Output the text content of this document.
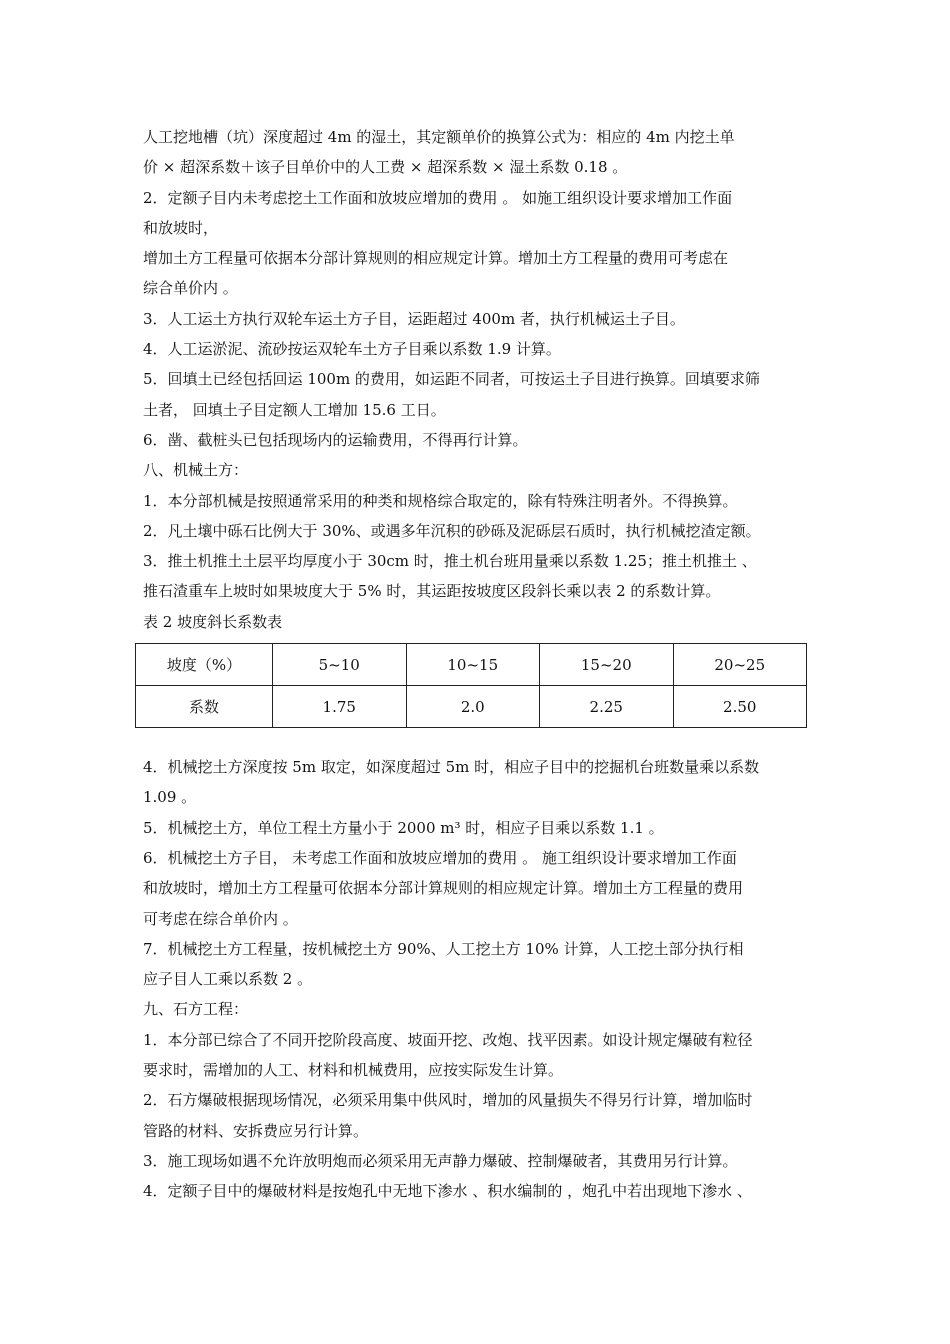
人工挖地槽（坑）深度超过 4m 的湿土，其定额单价的换算公式为：相应的 4m 内挖土单
价 × 超深系数＋该子目单价中的人工费 × 超深系数 × 湿土系数 0.18 。
2．定额子目内未考虑挖土工作面和放坡应增加的费用 。 如施工组织设计要求增加工作面
和放坡时，
增加土方工程量可依据本分部计算规则的相应规定计算。增加土方工程量的费用可考虑在
综合单价内 。
3．人工运土方执行双轮车运土方子目，运距超过 400m 者，执行机械运土子目。
4．人工运淤泥、流砂按运双轮车土方子目乘以系数 1.9 计算。
5．回填土已经包括回运 100m 的费用，如运距不同者，可按运土子目进行换算。回填要求筛
土者， 回填土子目定额人工增加 15.6 工日。
6．凿、截桩头已包括现场内的运输费用，不得再行计算。
八、机械土方：
1．本分部机械是按照通常采用的种类和规格综合取定的，除有特殊注明者外。不得换算。
2．凡土壤中砾石比例大于 30%、或遇多年沉积的砂砾及泥砾层石质时，执行机械挖渣定额。
3．推土机推土土层平均厚度小于 30cm 时，推土机台班用量乘以系数 1.25；推土机推土 、
推石渣重车上坡时如果坡度大于 5% 时，其运距按坡度区段斜长乘以表 2 的系数计算。
表 2 坡度斜长系数表
坡度（%）	5~10	10~15	15~20	20~25
系数	1.75	2.0	2.25	2.50
4．机械挖土方深度按 5m 取定，如深度超过 5m 时，相应子目中的挖掘机台班数量乘以系数
1.09 。
5．机械挖土方，单位工程土方量小于 2000 m³ 时，相应子目乘以系数 1.1 。
6．机械挖土方子目， 未考虑工作面和放坡应增加的费用 。 施工组织设计要求增加工作面
和放坡时，增加土方工程量可依据本分部计算规则的相应规定计算。增加土方工程量的费用
可考虑在综合单价内 。
7．机械挖土方工程量，按机械挖土方 90%、人工挖土方 10% 计算，人工挖土部分执行相
应子目人工乘以系数 2 。
九、石方工程：
1．本分部已综合了不同开挖阶段高度、坡面开挖、改炮、找平因素。如设计规定爆破有粒径
要求时，需增加的人工、材料和机械费用，应按实际发生计算。
2．石方爆破根据现场情况，必须采用集中供风时，增加的风量损失不得另行计算，增加临时
管路的材料、安拆费应另行计算。
3．施工现场如遇不允许放明炮而必须采用无声静力爆破、控制爆破者，其费用另行计算。
4．定额子目中的爆破材料是按炮孔中无地下渗水 、积水编制的 ，炮孔中若出现地下渗水 、
